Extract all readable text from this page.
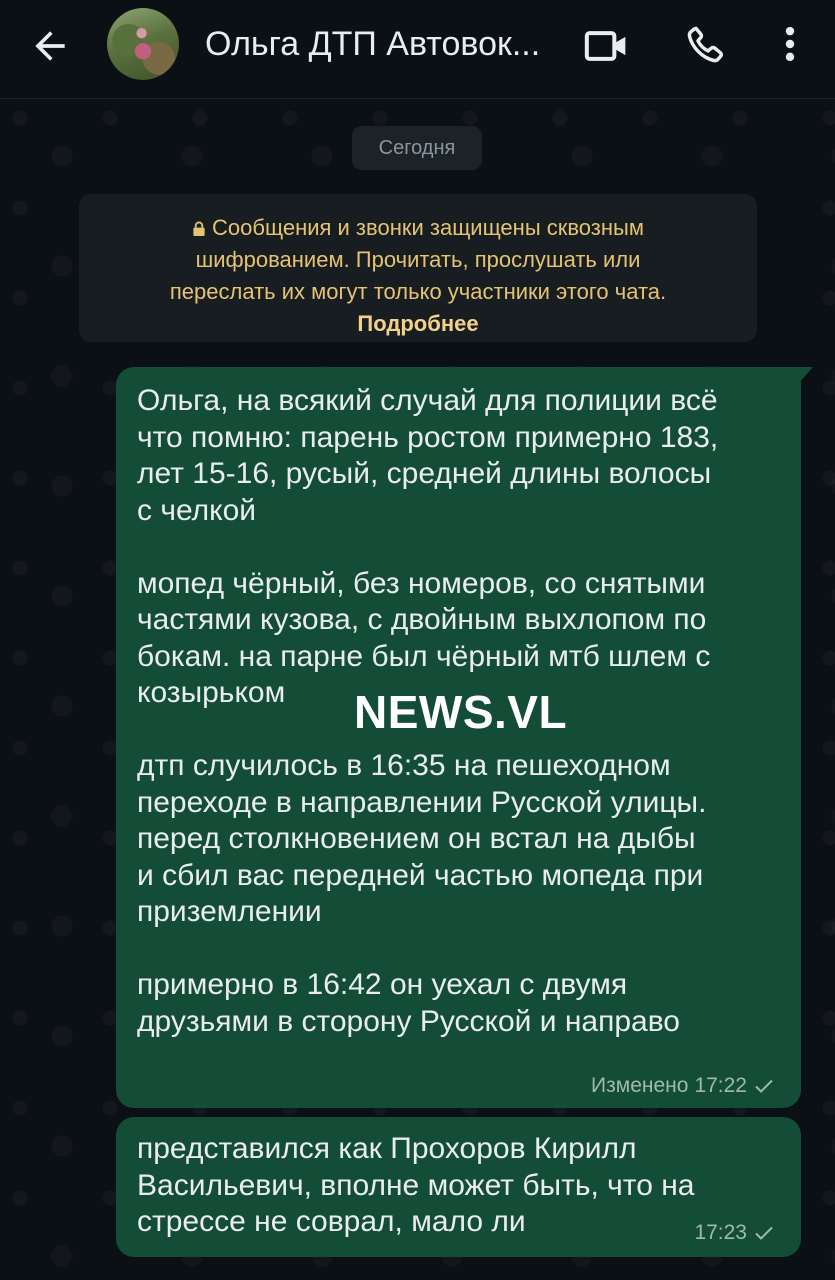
Ольга ДТП Автовок...
Сегодня
Сообщения и звонки защищены сквозным
шифрованием. Прочитать, прослушать или
переслать их могут только участники этого чата.
Подробнее
Ольга, на всякий случай для полиции всё
что помню: парень ростом примерно 183,
лет 15-16, русый, средней длины волосы
с челкой

мопед чёрный, без номеров, со снятыми
частями кузова, с двойным выхлопом по
бокам. на парне был чёрный мтб шлем с
козырьком

дтп случилось в 16:35 на пешеходном
переходе в направлении Русской улицы.
перед столкновением он встал на дыбы
и сбил вас передней частью мопеда при
приземлении

примерно в 16:42 он уехал с двумя
друзьями в сторону Русской и направо
Изменено 17:22
NEWS.VL
представился как Прохоров Кирилл
Васильевич, вполне может быть, что на
стрессе не соврал, мало ли	17:23
